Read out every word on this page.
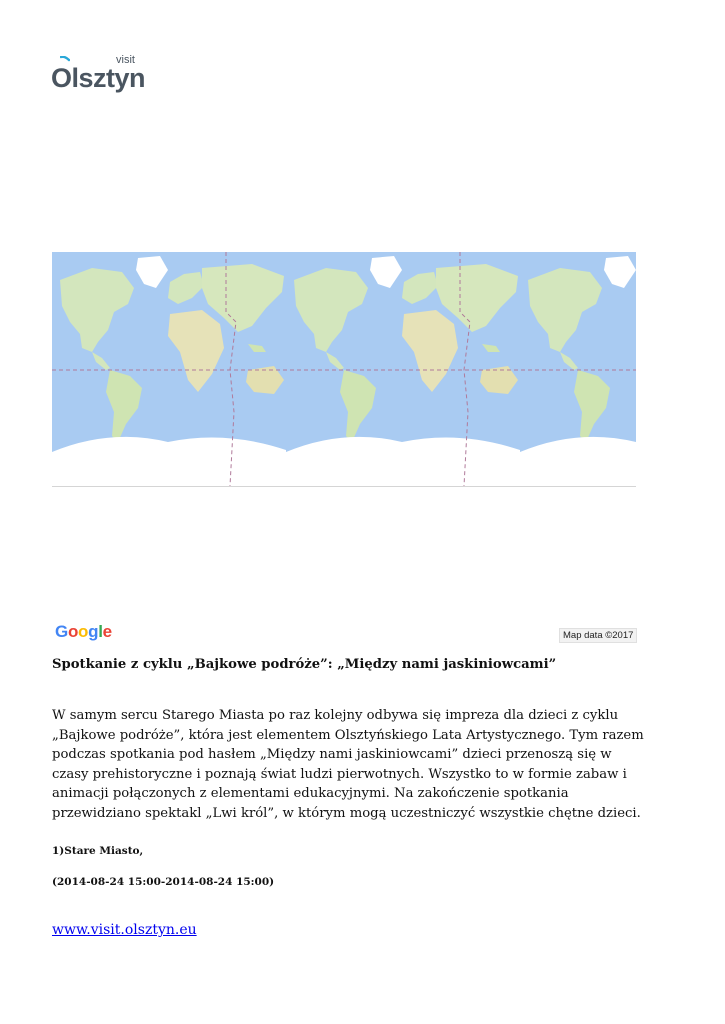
visit
Olsztyn
Google	Map data ©2017
Spotkanie z cyklu „Bajkowe podróże”: „Między nami jaskiniowcami”
W samym sercu Starego Miasta po raz kolejny odbywa się impreza dla dzieci z cyklu „Bajkowe podróże”, która jest elementem Olsztyńskiego Lata Artystycznego. Tym razem podczas spotkania pod hasłem „Między nami jaskiniowcami” dzieci przenoszą się w czasy prehistoryczne i poznają świat ludzi pierwotnych. Wszystko to w formie zabaw i animacji połączonych z elementami edukacyjnymi. Na zakończenie spotkania przewidziano spektakl „Lwi król”, w którym mogą uczestniczyć wszystkie chętne dzieci.
1)Stare Miasto,
(2014-08-24 15:00-2014-08-24 15:00)
www.visit.olsztyn.eu
